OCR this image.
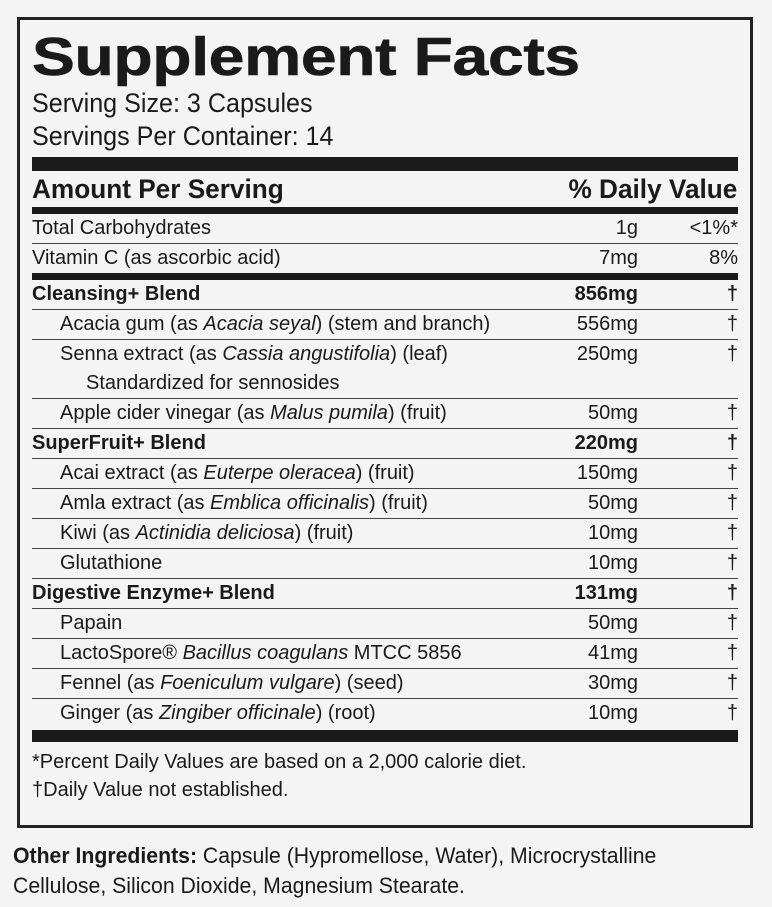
Supplement Facts
Serving Size: 3 Capsules
Servings Per Container: 14
Amount Per Serving	% Daily Value
Total Carbohydrates	1g	<1%*
Vitamin C (as ascorbic acid)	7mg	8%
Cleansing+ Blend	856mg	†
Acacia gum (as Acacia seyal) (stem and branch)	556mg	†
Senna extract (as Cassia angustifolia) (leaf)	250mg	†
Standardized for sennosides
Apple cider vinegar (as Malus pumila) (fruit)	50mg	†
SuperFruit+ Blend	220mg	†
Acai extract (as Euterpe oleracea) (fruit)	150mg	†
Amla extract (as Emblica officinalis) (fruit)	50mg	†
Kiwi (as Actinidia deliciosa) (fruit)	10mg	†
Glutathione	10mg	†
Digestive Enzyme+ Blend	131mg	†
Papain	50mg	†
LactoSpore® Bacillus coagulans MTCC 5856	41mg	†
Fennel (as Foeniculum vulgare) (seed)	30mg	†
Ginger (as Zingiber officinale) (root)	10mg	†
*Percent Daily Values are based on a 2,000 calorie diet.
†Daily Value not established.
Other Ingredients: Capsule (Hypromellose, Water), Microcrystalline Cellulose, Silicon Dioxide, Magnesium Stearate.
